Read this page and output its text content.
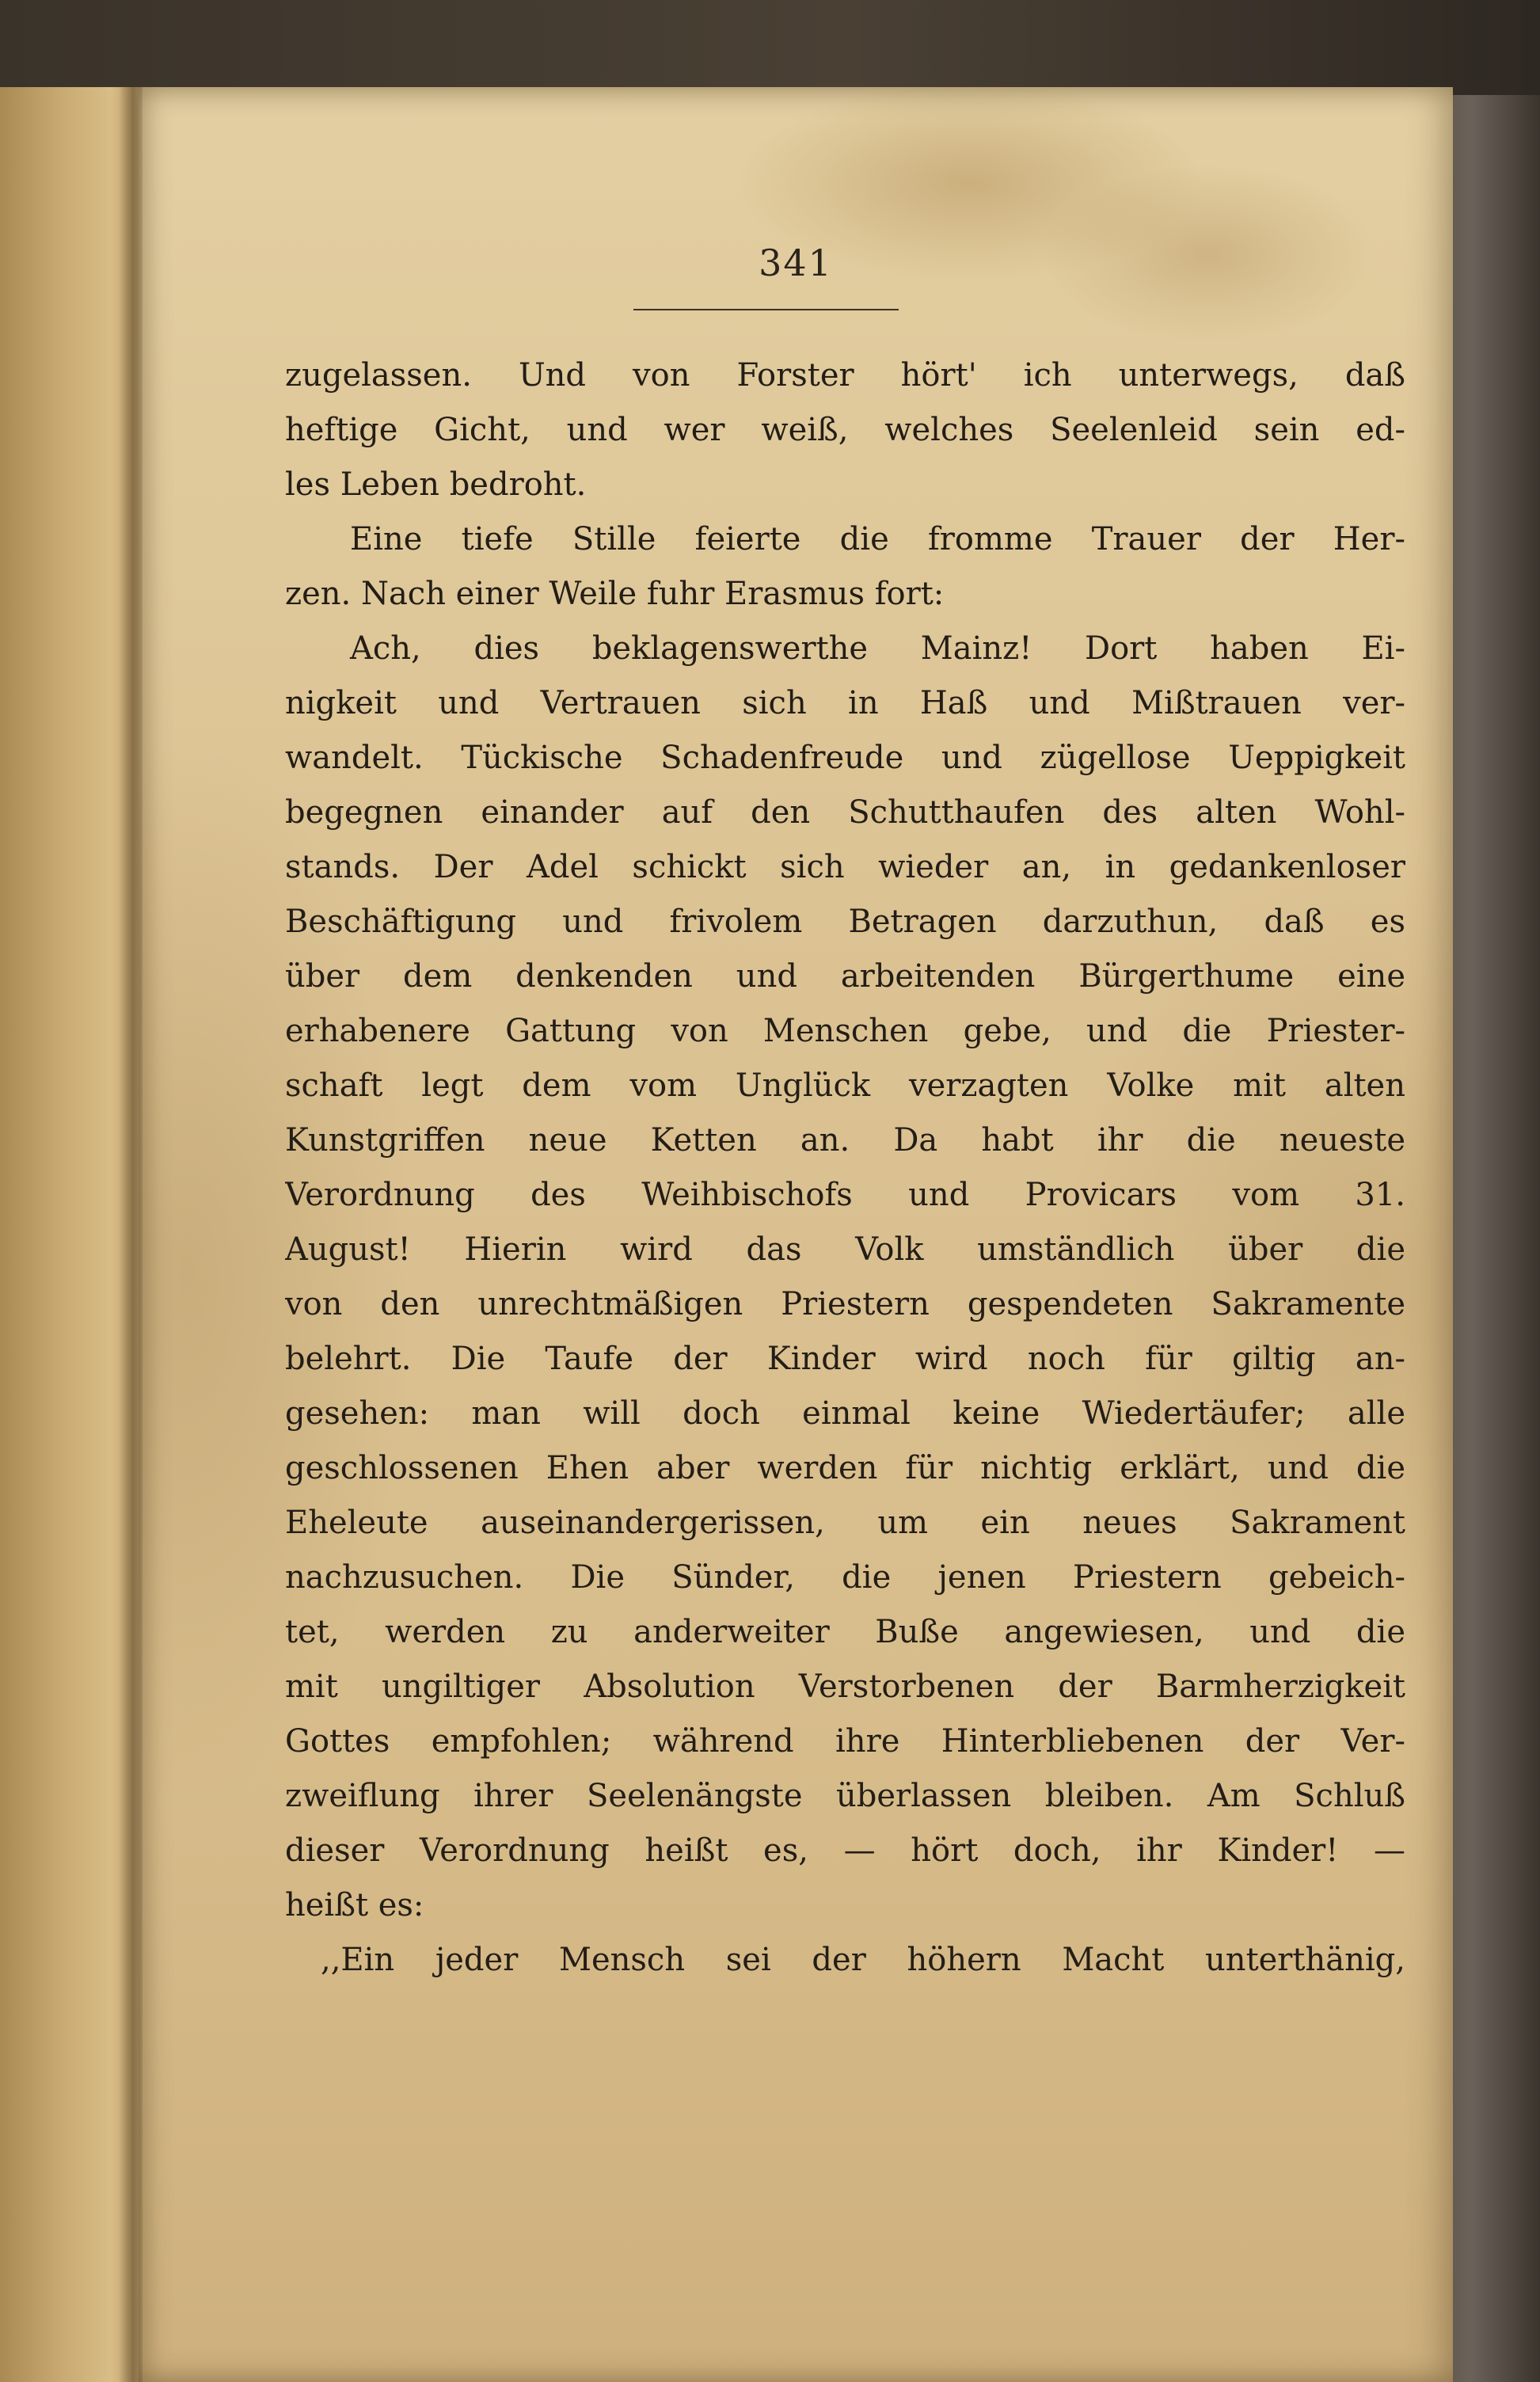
341
zugelassen. Und von Forster hört' ich unterwegs, daß
heftige Gicht, und wer weiß, welches Seelenleid sein ed-
les Leben bedroht.
Eine tiefe Stille feierte die fromme Trauer der Her-
zen. Nach einer Weile fuhr Erasmus fort:
Ach, dies beklagenswerthe Mainz! Dort haben Ei-
nigkeit und Vertrauen sich in Haß und Mißtrauen ver-
wandelt. Tückische Schadenfreude und zügellose Ueppigkeit
begegnen einander auf den Schutthaufen des alten Wohl-
stands. Der Adel schickt sich wieder an, in gedankenloser
Beschäftigung und frivolem Betragen darzuthun, daß es
über dem denkenden und arbeitenden Bürgerthume eine
erhabenere Gattung von Menschen gebe, und die Priester-
schaft legt dem vom Unglück verzagten Volke mit alten
Kunstgriffen neue Ketten an. Da habt ihr die neueste
Verordnung des Weihbischofs und Provicars vom 31.
August! Hierin wird das Volk umständlich über die
von den unrechtmäßigen Priestern gespendeten Sakramente
belehrt. Die Taufe der Kinder wird noch für giltig an-
gesehen: man will doch einmal keine Wiedertäufer; alle
geschlossenen Ehen aber werden für nichtig erklärt, und die
Eheleute auseinandergerissen, um ein neues Sakrament
nachzusuchen. Die Sünder, die jenen Priestern gebeich-
tet, werden zu anderweiter Buße angewiesen, und die
mit ungiltiger Absolution Verstorbenen der Barmherzigkeit
Gottes empfohlen; während ihre Hinterbliebenen der Ver-
zweiflung ihrer Seelenängste überlassen bleiben. Am Schluß
dieser Verordnung heißt es, — hört doch, ihr Kinder! —
heißt es:
,,Ein jeder Mensch sei der höhern Macht unterthänig,
